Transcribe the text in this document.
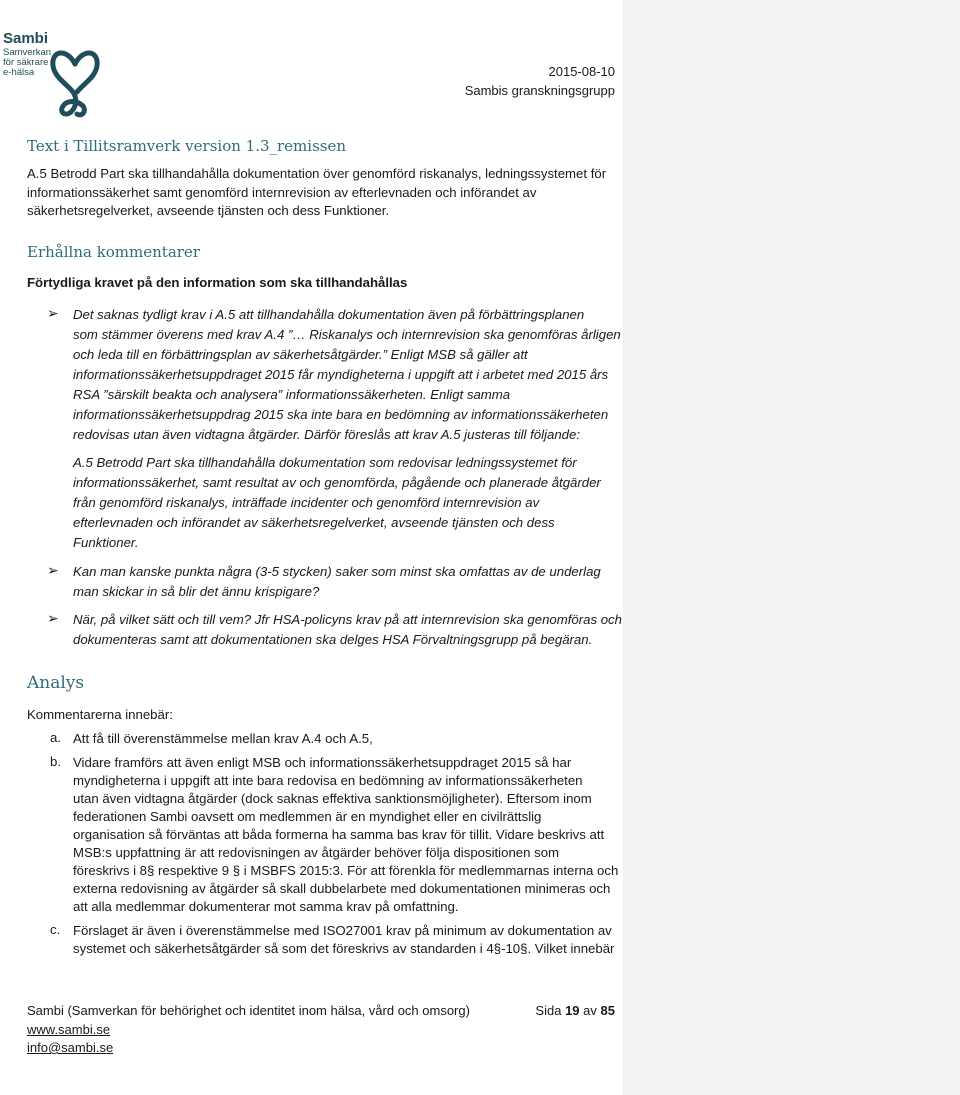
Sambi
Samverkan
för säkrare
e-hälsa	2015-08-10
Sambis granskningsgrupp
Text i Tillitsramverk version 1.3_remissen
A.5 Betrodd Part ska tillhandahålla dokumentation över genomförd riskanalys, ledningssystemet för
informationssäkerhet samt genomförd internrevision av efterlevnaden och införandet av
säkerhetsregelverket, avseende tjänsten och dess Funktioner.
Erhållna kommentarer
Förtydliga kravet på den information som ska tillhandahållas
➢ Det saknas tydligt krav i A.5 att tillhandahålla dokumentation även på förbättringsplanen
som stämmer överens med krav A.4 ”… Riskanalys och internrevision ska genomföras årligen
och leda till en förbättringsplan av säkerhetsåtgärder.” Enligt MSB så gäller att
informationssäkerhetsuppdraget 2015 får myndigheterna i uppgift att i arbetet med 2015 års
RSA ”särskilt beakta och analysera” informationssäkerheten. Enligt samma
informationssäkerhetsuppdrag 2015 ska inte bara en bedömning av informationssäkerheten
redovisas utan även vidtagna åtgärder. Därför föreslås att krav A.5 justeras till följande:
A.5 Betrodd Part ska tillhandahålla dokumentation som redovisar ledningssystemet för
informationssäkerhet, samt resultat av och genomförda, pågående och planerade åtgärder
från genomförd riskanalys, inträffade incidenter och genomförd internrevision av
efterlevnaden och införandet av säkerhetsregelverket, avseende tjänsten och dess
Funktioner.
➢ Kan man kanske punkta några (3-5 stycken) saker som minst ska omfattas av de underlag
man skickar in så blir det ännu krispigare?
➢ När, på vilket sätt och till vem? Jfr HSA-policyns krav på att internrevision ska genomföras och
dokumenteras samt att dokumentationen ska delges HSA Förvaltningsgrupp på begäran.
Analys
Kommentarerna innebär:
a. Att få till överenstämmelse mellan krav A.4 och A.5,
b. Vidare framförs att även enligt MSB och informationssäkerhetsuppdraget 2015 så har
myndigheterna i uppgift att inte bara redovisa en bedömning av informationssäkerheten
utan även vidtagna åtgärder (dock saknas effektiva sanktionsmöjligheter). Eftersom inom
federationen Sambi oavsett om medlemmen är en myndighet eller en civilrättslig
organisation så förväntas att båda formerna ha samma bas krav för tillit. Vidare beskrivs att
MSB:s uppfattning är att redovisningen av åtgärder behöver följa dispositionen som
föreskrivs i 8§ respektive 9 § i MSBFS 2015:3. För att förenkla för medlemmarnas interna och
externa redovisning av åtgärder så skall dubbelarbete med dokumentationen minimeras och
att alla medlemmar dokumenterar mot samma krav på omfattning.
c. Förslaget är även i överenstämmelse med ISO27001 krav på minimum av dokumentation av
systemet och säkerhetsåtgärder så som det föreskrivs av standarden i 4§-10§. Vilket innebär
Sambi (Samverkan för behörighet och identitet inom hälsa, vård och omsorg)
www.sambi.se
info@sambi.se
Sida 19 av 85
